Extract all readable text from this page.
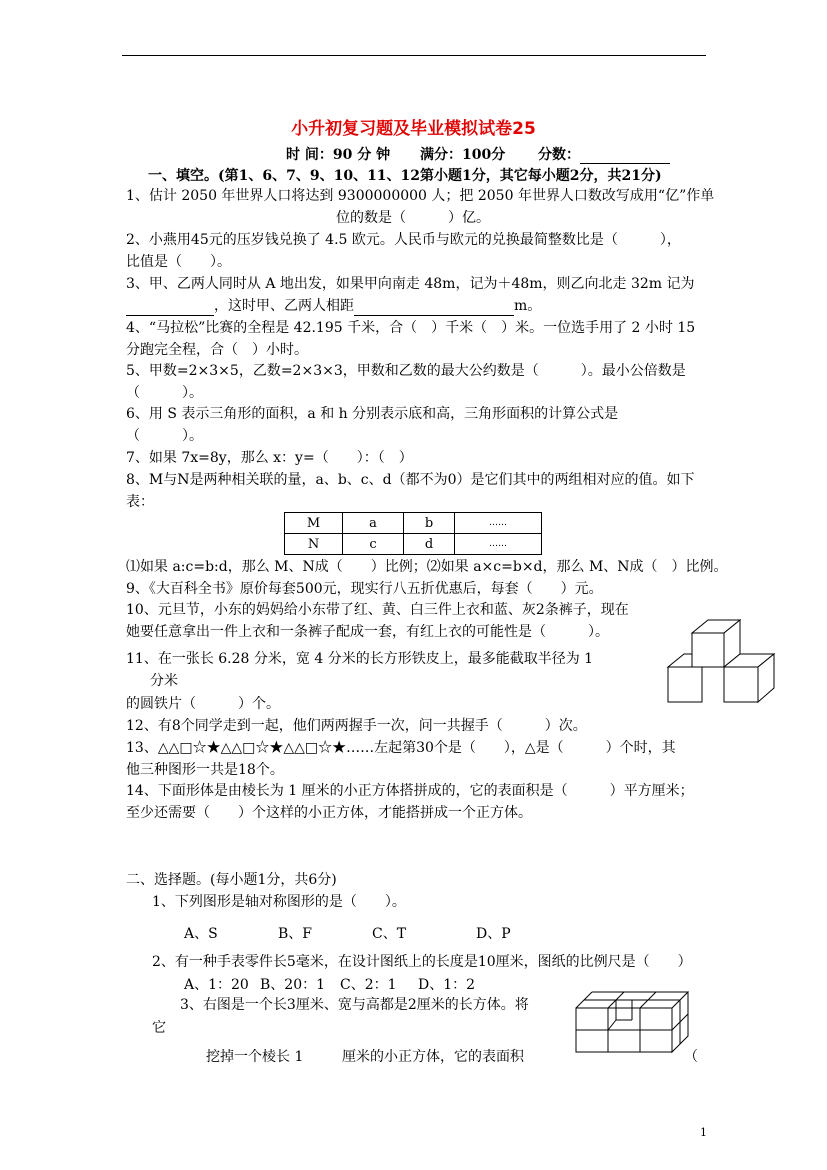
小升初复习题及毕业模拟试卷25
时 间：90 分 钟 满分：100分 分数：
一、填空。(第1、6、7、9、10、11、12第小题1分，其它每小题2分，共21分)
1、估计 2050 年世界人口将达到 9300000000 人；把 2050 年世界人口数改写成用“亿”作单
位的数是（　　　）亿。
2、小燕用45元的压岁钱兑换了 4.5 欧元。人民币与欧元的兑换最简整数比是（　　　），
比值是（　　）。
3、甲、乙两人同时从 A 地出发，如果甲向南走 48m，记为＋48m，则乙向北走 32m 记为
，这时甲、乙两人相距	m。
4、“马拉松”比赛的全程是 42.195 千米，合（　）千米（　）米。一位选手用了 2 小时 15
分跑完全程，合（　）小时。
5、甲数=2×3×5，乙数=2×3×3，甲数和乙数的最大公约数是（　　　）。最小公倍数是
（　　　）。
6、用 S 表示三角形的面积，a 和 h 分别表示底和高，三角形面积的计算公式是
（　　　）。
7、如果 7x=8y，那么 x：y=（　　）：（　）
8、M与N是两种相关联的量，a、b、c、d（都不为0）是它们其中的两组相对应的值。如下
表：
M	a	b	……
N	c	d	……
⑴如果 a:c=b:d，那么 M、N成（　　）比例；⑵如果 a×c=b×d，那么 M、N成（　）比例。
9、《大百科全书》原价每套500元，现实行八五折优惠后，每套（　　）元。
10、元旦节，小东的妈妈给小东带了红、黄、白三件上衣和蓝、灰2条裤子，现在
她要任意拿出一件上衣和一条裤子配成一套，有红上衣的可能性是（　　　）。
11、在一张长 6.28 分米，宽 4 分米的长方形铁皮上，最多能截取半径为 1
分米
的圆铁片（　　　）个。
12、有8个同学走到一起，他们两两握手一次，问一共握手（　　　）次。
13、△△□☆★△△□☆★△△□☆★……左起第30个是（　　），△是（　　　）个时，其
他三种图形一共是18个。
14、下面形体是由棱长为 1 厘米的小正方体搭拼成的，它的表面积是（　　　）平方厘米；
至少还需要（　　）个这样的小正方体，才能搭拼成一个正方体。
二、选择题。(每小题1分，共6分)
1、下列图形是轴对称图形的是（　　）。
A、S	B、F	C、T	D、P
2、有一种手表零件长5毫米，在设计图纸上的长度是10厘米，图纸的比例尺是（　　）
A、1：20 B、20：1 C、2：1 D、1：2
3、右图是一个长3厘米、宽与高都是2厘米的长方体。将
它
挖掉一个棱长 1	厘米的小正方体，它的表面积	（
1
